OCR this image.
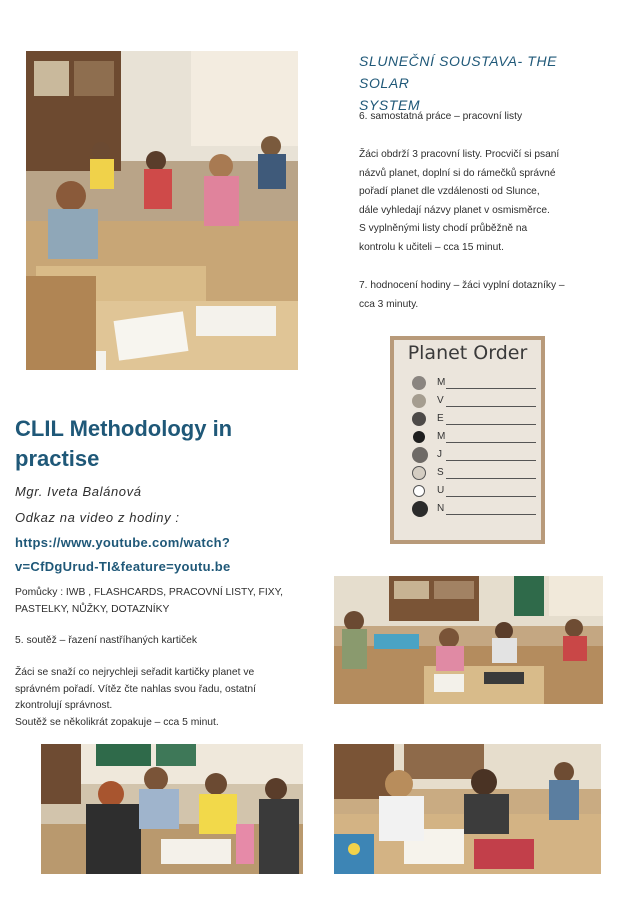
SLUNEČNÍ SOUSTAVA- THE SOLAR

SYSTEM

6. samostatná práce – pracovní listy

Žáci obdrží 3 pracovní listy. Procvičí si psaní

názvů planet, doplní si do rámečků správné

pořadí planet dle vzdálenosti od Slunce,

dále vyhledají názvy planet v osmisměrce.

S vyplněnými listy chodí průběžně na

kontrolu k učiteli – cca 15 minut.

7. hodnocení hodiny – žáci vyplní dotazníky –

cca 3 minuty.

Planet Order
M
V
E
M
J
S
U
N

CLIL Methodology in

practise

Mgr. Iveta Balánová
Odkaz na video z hodiny :
https://www.youtube.com/watch?
v=CfDgUrud-TI&feature=youtu.be

Pomůcky : IWB , FLASHCARDS, PRACOVNÍ LISTY, FIXY,

PASTELKY, NŮŽKY, DOTAZNÍKY

5. soutěž – řazení nastříhaných kartiček

Žáci se snaží co nejrychleji seřadit kartičky planet ve

správném pořadí. Vítěz čte nahlas svou řadu, ostatní

zkontrolují správnost.

Soutěž se několikrát zopakuje – cca 5 minut.
